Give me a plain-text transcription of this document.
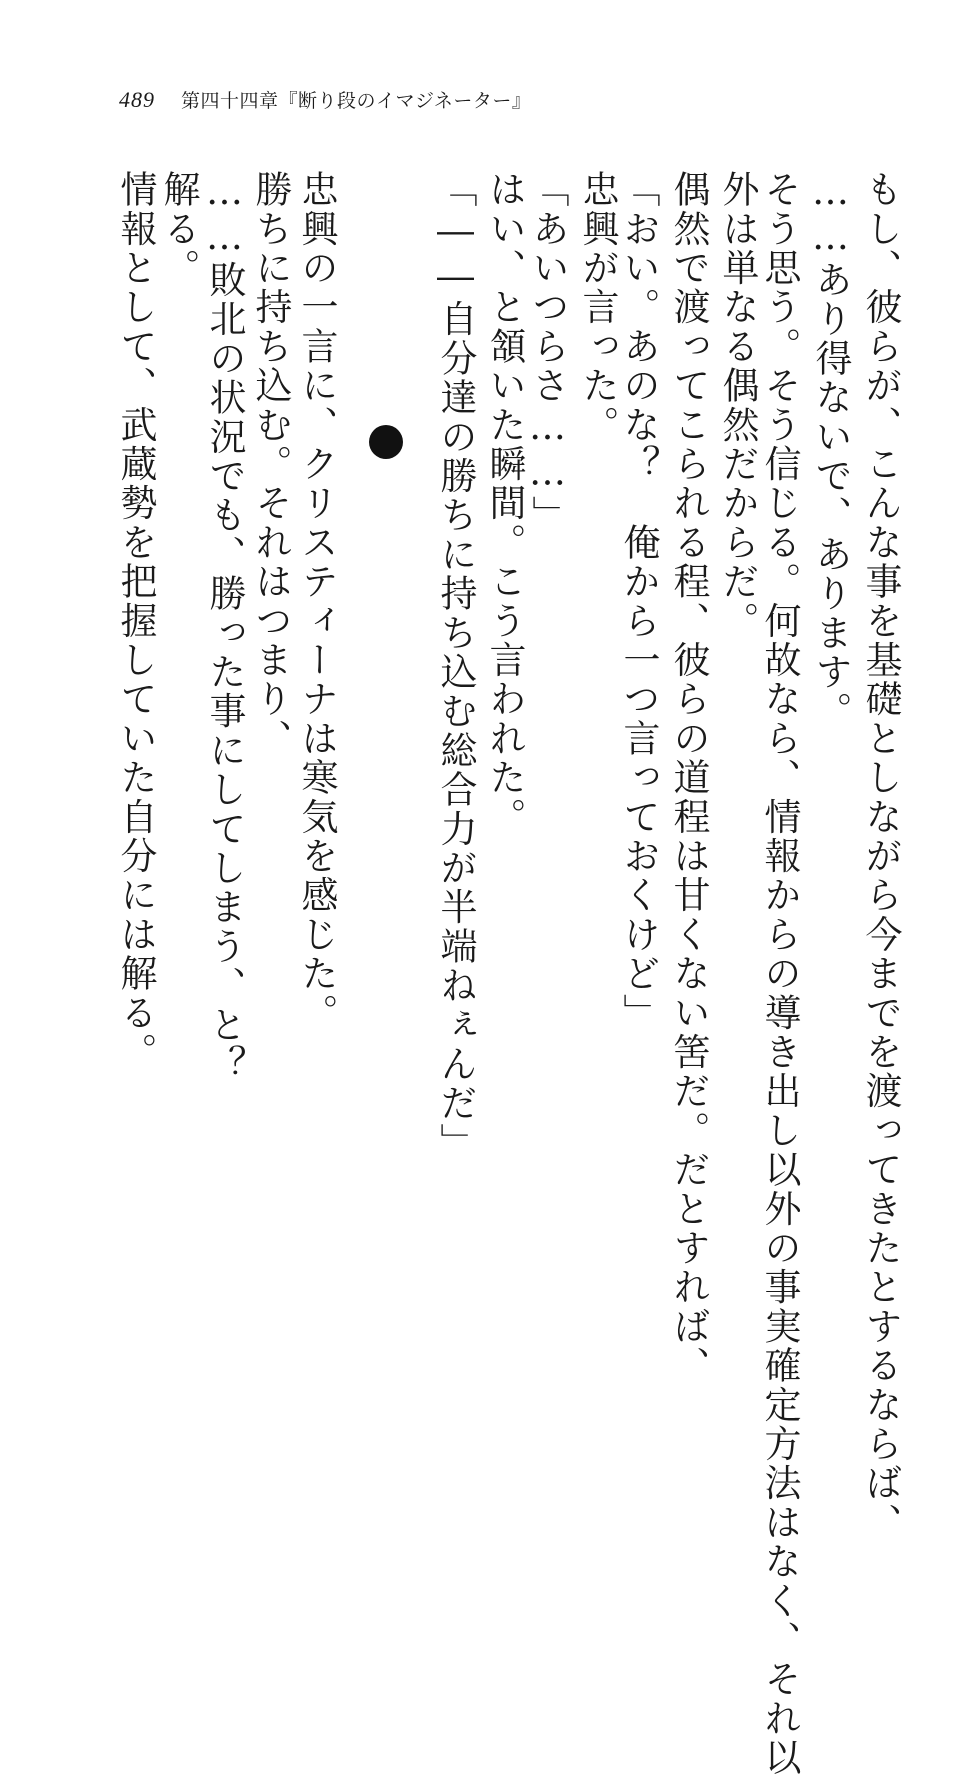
489 第四十四章『断り段のイマジネーター』
もし、彼らが、こんな事を基礎としながら今までを渡ってきたとするならば、
……あり得ないで、あります。
そう思う。そう信じる。何故なら、情報からの導き出し以外の事実確定方法はなく、それ以
外は単なる偶然だからだ。
偶然で渡ってこられる程、彼らの道程は甘くない筈だ。だとすれば、
「おい。あのな？　俺から一つ言っておくけど」
忠興が言った。
「あいつらさ……」
はい、と頷いた瞬間。こう言われた。
「――自分達の勝ちに持ち込む総合力が半端ねぇんだ」
忠興の一言に、クリスティーナは寒気を感じた。
勝ちに持ち込む。それはつまり、
……敗北の状況でも、勝った事にしてしまう、と？
解る。
情報として、武蔵勢を把握していた自分には解る。
